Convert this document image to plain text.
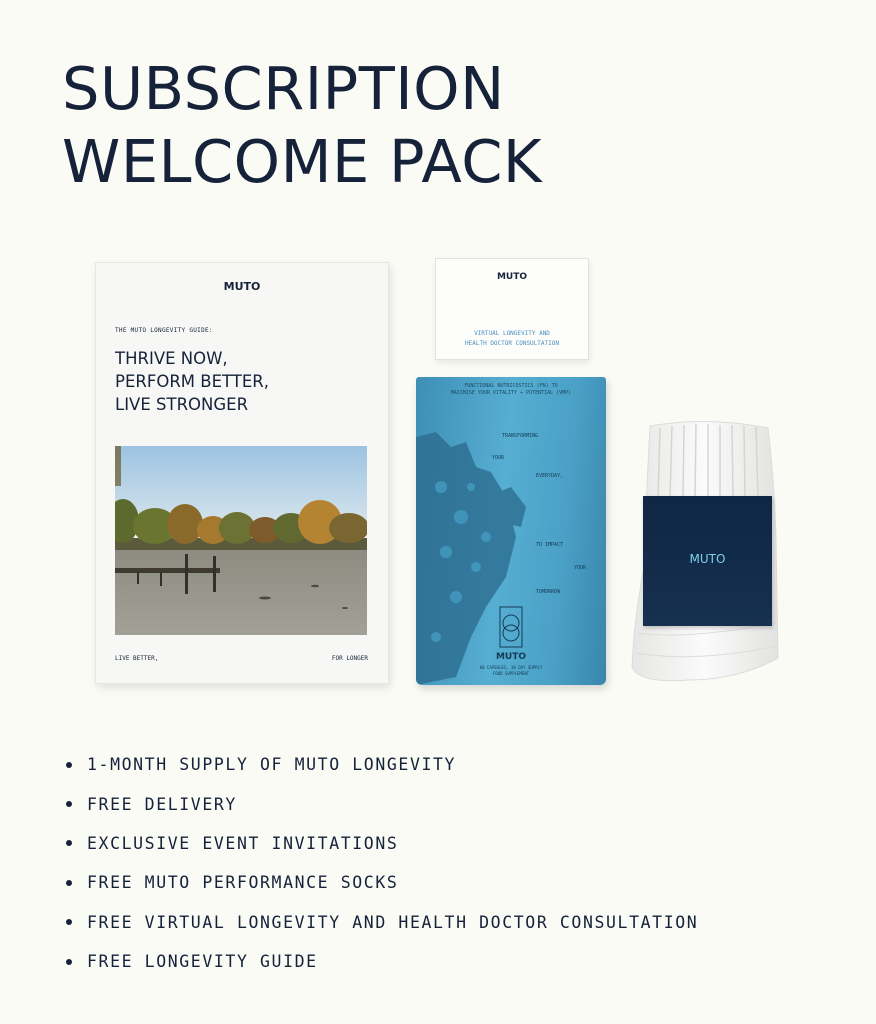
SUBSCRIPTION
WELCOME PACK
MUTO
THE MUTO LONGEVITY GUIDE:
THRIVE NOW,
PERFORM BETTER,
LIVE STRONGER
LIVE BETTER,	FOR LONGER
MUTO
VIRTUAL LONGEVITY AND
HEALTH DOCTOR CONSULTATION
FUNCTIONAL NUTRICOSTICS (FN) TO
MAXIMISE YOUR VITALITY + POTENTIAL (VMP)
TRANSFORMING
YOUR
EVERYDAY,
TO IMPACT
YOUR
TOMORROW
MUTO
60 CAPSULES, 30 DAY SUPPLY
FOOD SUPPLEMENT
MUTO
1-MONTH SUPPLY OF MUTO LONGEVITY
FREE DELIVERY
EXCLUSIVE EVENT INVITATIONS
FREE MUTO PERFORMANCE SOCKS
FREE VIRTUAL LONGEVITY AND HEALTH DOCTOR CONSULTATION
FREE LONGEVITY GUIDE
